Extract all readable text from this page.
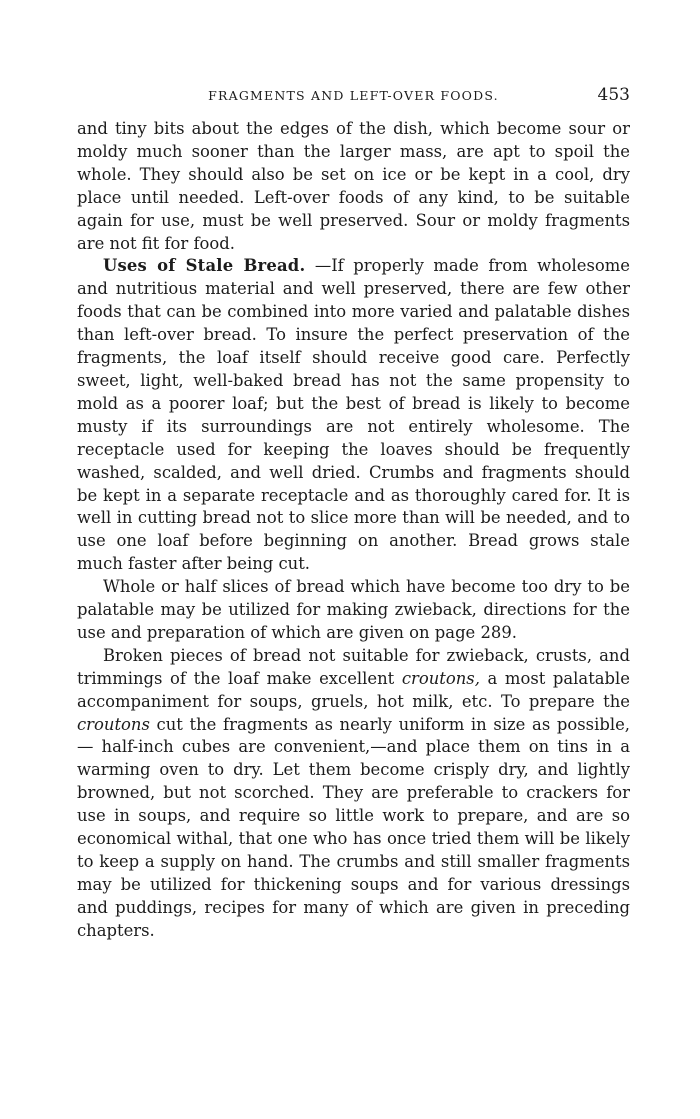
FRAGMENTS AND LEFT-OVER FOODS.	453

and tiny bits about the edges of the dish, which become sour or moldy much sooner than the larger mass, are apt to spoil the whole. They should also be set on ice or be kept in a cool, dry place until needed. Left-over foods of any kind, to be suitable again for use, must be well preserved. Sour or moldy fragments are not fit for food.

Uses of Stale Bread. —If properly made from wholesome and nutritious material and well preserved, there are few other foods that can be combined into more varied and palatable dishes than left-over bread. To insure the perfect preservation of the fragments, the loaf itself should receive good care. Perfectly sweet, light, well-baked bread has not the same propensity to mold as a poorer loaf; but the best of bread is likely to become musty if its surroundings are not entirely wholesome. The receptacle used for keeping the loaves should be frequently washed, scalded, and well dried. Crumbs and fragments should be kept in a separate receptacle and as thoroughly cared for. It is well in cutting bread not to slice more than will be needed, and to use one loaf before beginning on another. Bread grows stale much faster after being cut.

Whole or half slices of bread which have become too dry to be palatable may be utilized for making zwieback, directions for the use and preparation of which are given on page 289.

Broken pieces of bread not suitable for zwieback, crusts, and trimmings of the loaf make excellent croutons, a most palatable accompaniment for soups, gruels, hot milk, etc. To prepare the croutons cut the fragments as nearly uniform in size as possible,— half-inch cubes are convenient,—and place them on tins in a warming oven to dry. Let them become crisply dry, and lightly browned, but not scorched. They are preferable to crackers for use in soups, and require so little work to prepare, and are so economical withal, that one who has once tried them will be likely to keep a supply on hand. The crumbs and still smaller fragments may be utilized for thickening soups and for various dressings and puddings, recipes for many of which are given in preceding chapters.
